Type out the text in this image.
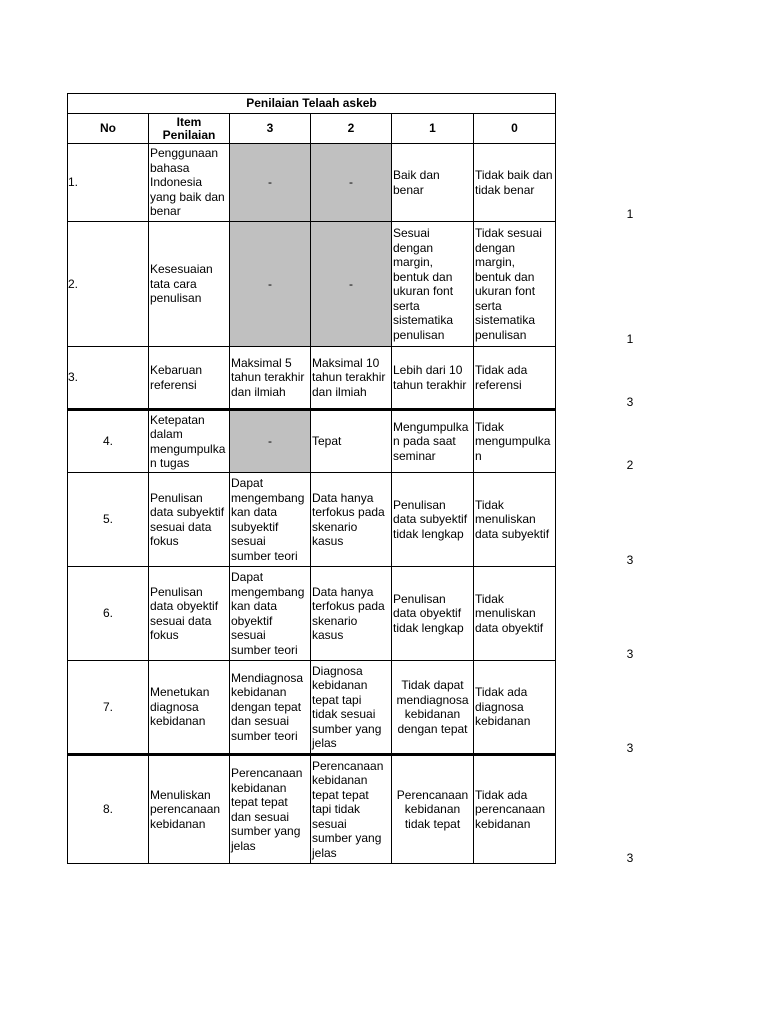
Penilaian Telaah askeb					
No	Item Penilaian	3	2	1	0
1.	Penggunaan bahasa Indonesia yang baik dan benar	-	-	Baik dan benar	Tidak baik dan tidak benar
2.	Kesesuaian tata cara penulisan	-	-	Sesuai dengan margin, bentuk dan ukuran font serta sistematika penulisan	Tidak sesuai dengan margin, bentuk dan ukuran font serta sistematika penulisan
3.	Kebaruan referensi	Maksimal 5 tahun terakhir dan ilmiah	Maksimal 10 tahun terakhir dan ilmiah	Lebih dari 10 tahun terakhir	Tidak ada referensi
4.	Ketepatan dalam mengumpulkan tugas	-	Tepat	Mengumpulkan pada saat seminar	Tidak mengumpulkan
5.	Penulisan data subyektif sesuai data fokus	Dapat mengembangkan data subyektif sesuai sumber teori	Data hanya terfokus pada skenario kasus	Penulisan data subyektif tidak lengkap	Tidak menuliskan data subyektif
6.	Penulisan data obyektif sesuai data fokus	Dapat mengembangkan data obyektif sesuai sumber teori	Data hanya terfokus pada skenario kasus	Penulisan data obyektif tidak lengkap	Tidak menuliskan data obyektif
7.	Menetukan diagnosa kebidanan	Mendiagnosa kebidanan dengan tepat dan sesuai sumber teori	Diagnosa kebidanan tepat tapi tidak sesuai sumber yang jelas	Tidak dapat mendiagnosa kebidanan dengan tepat	Tidak ada diagnosa kebidanan
8.	Menuliskan perencanaan kebidanan	Perencanaan kebidanan tepat tepat dan sesuai sumber yang jelas	Perencanaan kebidanan tepat tepat tapi tidak sesuai sumber yang jelas	Perencanaan kebidanan tidak tepat	Tidak ada perencanaan kebidanan
1
1
3
2
3
3
3
3
